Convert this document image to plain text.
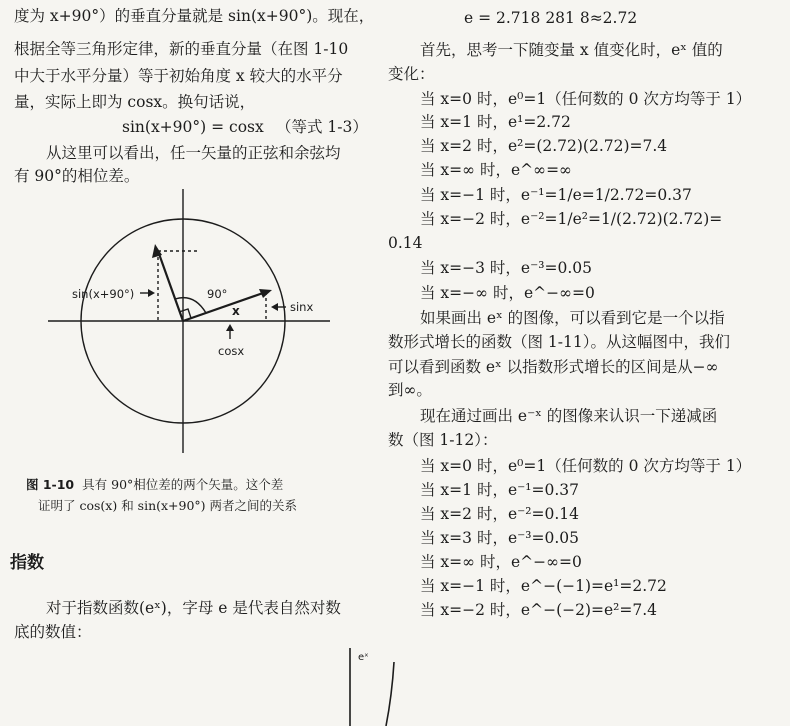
度为 x+90°）的垂直分量就是 sin(x+90°)。现在，
根据全等三角形定律，新的垂直分量（在图 1-10
中大于水平分量）等于初始角度 x 较大的水平分
量，实际上即为 cosx。换句话说，
sin(x+90°) = cosx （等式 1-3）
从这里可以看出，任一矢量的正弦和余弦均
有 90°的相位差。
sin(x+90°)	90°
x	sinx
cosx
图 1-10 具有 90°相位差的两个矢量。这个差
证明了 cos(x) 和 sin(x+90°) 两者之间的关系
指数
对于指数函数(eˣ)，字母 e 是代表自然对数
底的数值：
eˣ
e = 2.718 281 8≈2.72
首先，思考一下随变量 x 值变化时，eˣ 值的
变化：
当 x=0 时，e⁰=1（任何数的 0 次方均等于 1）
当 x=1 时，e¹=2.72
当 x=2 时，e²=(2.72)(2.72)=7.4
当 x=∞ 时，e^∞=∞
当 x=−1 时，e⁻¹=1/e=1/2.72=0.37
当 x=−2 时，e⁻²=1/e²=1/(2.72)(2.72)=
0.14
当 x=−3 时，e⁻³=0.05
当 x=−∞ 时，e^−∞=0
如果画出 eˣ 的图像，可以看到它是一个以指
数形式增长的函数（图 1-11）。从这幅图中，我们
可以看到函数 eˣ 以指数形式增长的区间是从−∞
到∞。
现在通过画出 e⁻ˣ 的图像来认识一下递减函
数（图 1-12）：
当 x=0 时，e⁰=1（任何数的 0 次方均等于 1）
当 x=1 时，e⁻¹=0.37
当 x=2 时，e⁻²=0.14
当 x=3 时，e⁻³=0.05
当 x=∞ 时，e^−∞=0
当 x=−1 时，e^−(−1)=e¹=2.72
当 x=−2 时，e^−(−2)=e²=7.4
